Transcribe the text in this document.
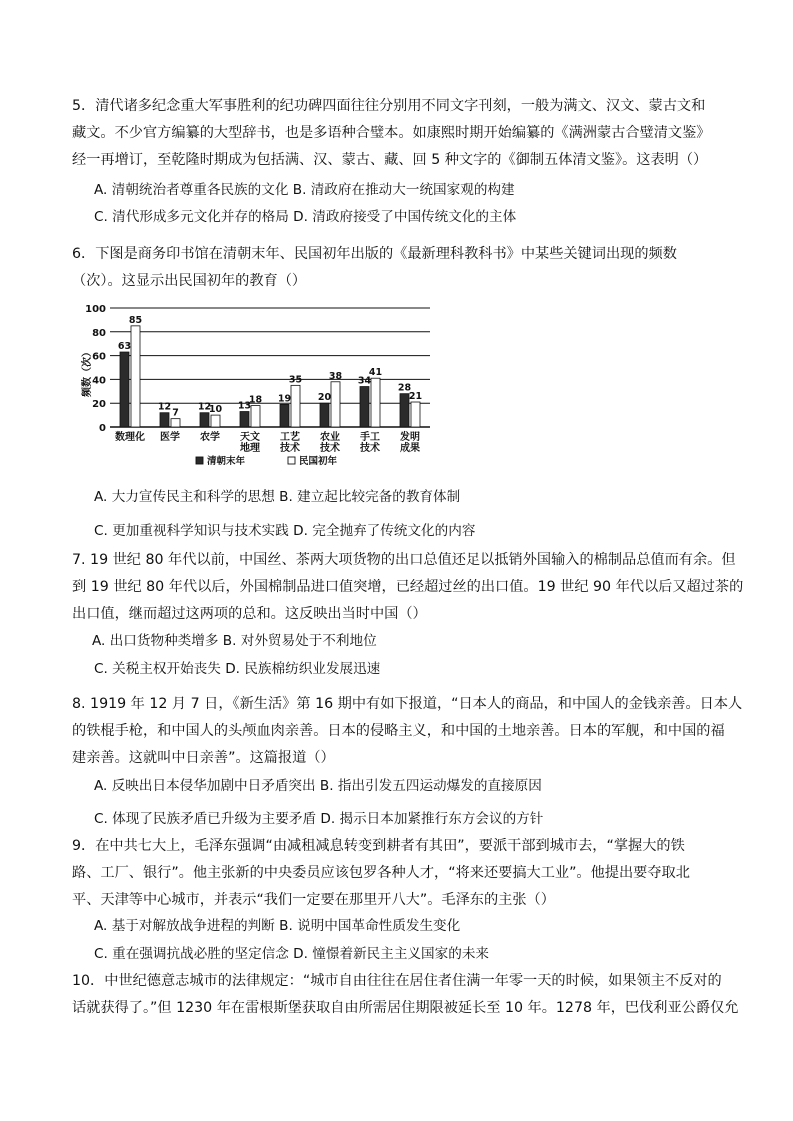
5．清代诸多纪念重大军事胜利的纪功碑四面往往分别用不同文字刊刻，一般为满文、汉文、蒙古文和
藏文。不少官方编纂的大型辞书，也是多语种合璧本。如康熙时期开始编纂的《满洲蒙古合璧清文鉴》
经一再增订，至乾隆时期成为包括满、汉、蒙古、藏、回 5 种文字的《御制五体清文鉴》。这表明（）
A. 清朝统治者尊重各民族的文化 B. 清政府在推动大一统国家观的构建
C. 清代形成多元文化并存的格局 D. 清政府接受了中国传统文化的主体
6．下图是商务印书馆在清朝末年、民国初年出版的《最新理科教科书》中某些关键词出现的频数
（次）。这显示出民国初年的教育（）
频数（次）
0
20
40
60
80
100
63
85
12
7
12
10 13
18 19
35
20
38 34
41
28
21
数理化 医学 农学 天文
地理
工艺
技术
农业
技术
手工
技术
发明
成果
清朝末年	民国初年
A. 大力宣传民主和科学的思想 B. 建立起比较完备的教育体制
C. 更加重视科学知识与技术实践 D. 完全抛弃了传统文化的内容
7. 19 世纪 80 年代以前，中国丝、茶两大项货物的出口总值还足以抵销外国输入的棉制品总值而有余。但
到 19 世纪 80 年代以后，外国棉制品进口值突增，已经超过丝的出口值。19 世纪 90 年代以后又超过茶的
出口值，继而超过这两项的总和。这反映出当时中国（）
A. 出口货物种类增多 B. 对外贸易处于不利地位
C. 关税主权开始丧失 D. 民族棉纺织业发展迅速
8. 1919 年 12 月 7 日，《新生活》第 16 期中有如下报道，“日本人的商品，和中国人的金钱亲善。日本人
的铁棍手枪，和中国人的头颅血肉亲善。日本的侵略主义，和中国的土地亲善。日本的军舰，和中国的福
建亲善。这就叫中日亲善”。这篇报道（）
A. 反映出日本侵华加剧中日矛盾突出 B. 指出引发五四运动爆发的直接原因
C. 体现了民族矛盾已升级为主要矛盾 D. 揭示日本加紧推行东方会议的方针
9．在中共七大上，毛泽东强调“由减租减息转变到耕者有其田”，要派干部到城市去，“掌握大的铁
路、工厂、银行”。他主张新的中央委员应该包罗各种人才，“将来还要搞大工业”。他提出要夺取北
平、天津等中心城市，并表示“我们一定要在那里开八大”。毛泽东的主张（）
A. 基于对解放战争进程的判断 B. 说明中国革命性质发生变化
C. 重在强调抗战必胜的坚定信念 D. 憧憬着新民主主义国家的未来
10．中世纪德意志城市的法律规定：“城市自由往往在居住者住满一年零一天的时候，如果领主不反对的
话就获得了。”但 1230 年在雷根斯堡获取自由所需居住期限被延长至 10 年。1278 年，巴伐利亚公爵仅允
